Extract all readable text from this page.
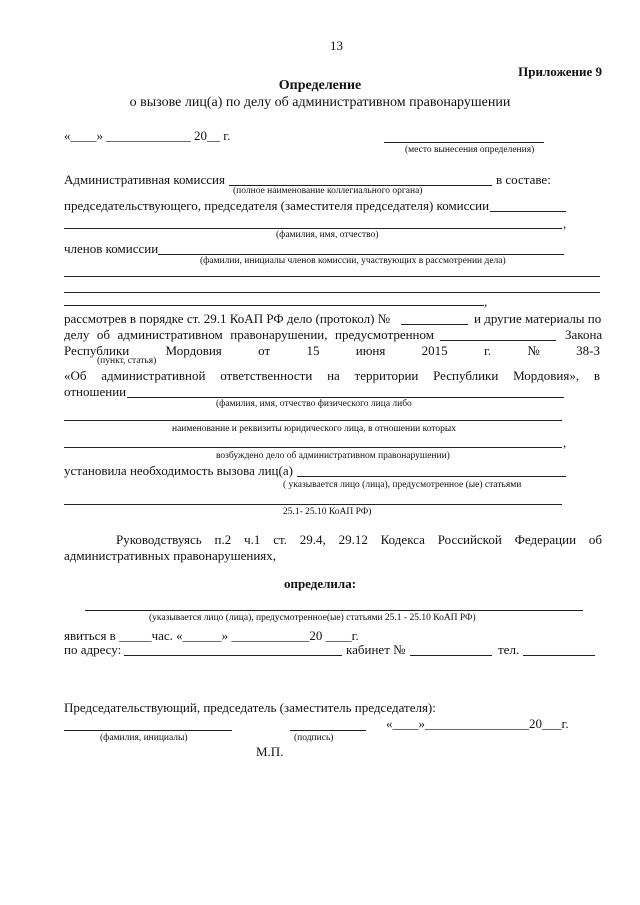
13
Приложение 9
Определение
о вызове лиц(а) по делу об административном правонарушении
«____» _____________ 20__ г.
(место вынесения определения)
Административная комиссия	в составе:
(полное наименование коллегиального органа)
председательствующего, председателя (заместителя председателя) комиссии
,
(фамилия, имя, отчество)
членов комиссии
(фамилии, инициалы членов комиссии, участвующих в рассмотрении дела)
,
рассмотрев в порядке ст. 29.1 КоАП РФ дело (протокол) №	и другие материалы по
делу об административном правонарушении, предусмотренном	Закона
Республики	Мордовия	от	15	июня	2015	г.	№	38-З
(пункт, статья)
«Об административной ответственности на территории Республики Мордовия», в
отношении
(фамилия, имя, отчество физического лица либо
наименование и реквизиты юридического лица, в отношении которых
,
возбуждено дело об административном правонарушении)
установила необходимость вызова лиц(а)
( указывается лицо (лица), предусмотренное (ые) статьями
25.1- 25.10 КоАП РФ)
Руководствуясь п.2 ч.1 ст. 29.4, 29.12 Кодекса Российской Федерации об
административных правонарушениях,
определила:
(указывается лицо (лица), предусмотренное(ые) статьями 25.1 - 25.10 КоАП РФ)
явиться в _____час. «______» ____________20 ____г.
по адресу:	кабинет №	тел.
Председательствующий, председатель (заместитель председателя):
«____»________________20___г.
(фамилия, инициалы)	(подпись)
М.П.
